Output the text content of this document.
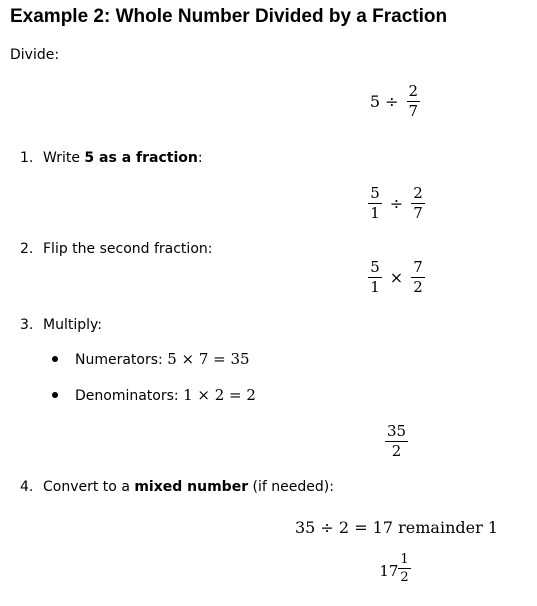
Example 2: Whole Number Divided by a Fraction
Divide:
$5 \div \frac{2}{7}$
1. Write 5 as a fraction:
$\frac{5}{1} \div \frac{2}{7}$
2. Flip the second fraction:
$\frac{5}{1} \times \frac{7}{2}$
3. Multiply:
Numerators: 5 × 7 = 35
Denominators: 1 × 2 = 2
$\frac{35}{2}$
4. Convert to a mixed number (if needed):
35 ÷ 2 = 17 remainder 1
$17 \frac{1}{2}$
